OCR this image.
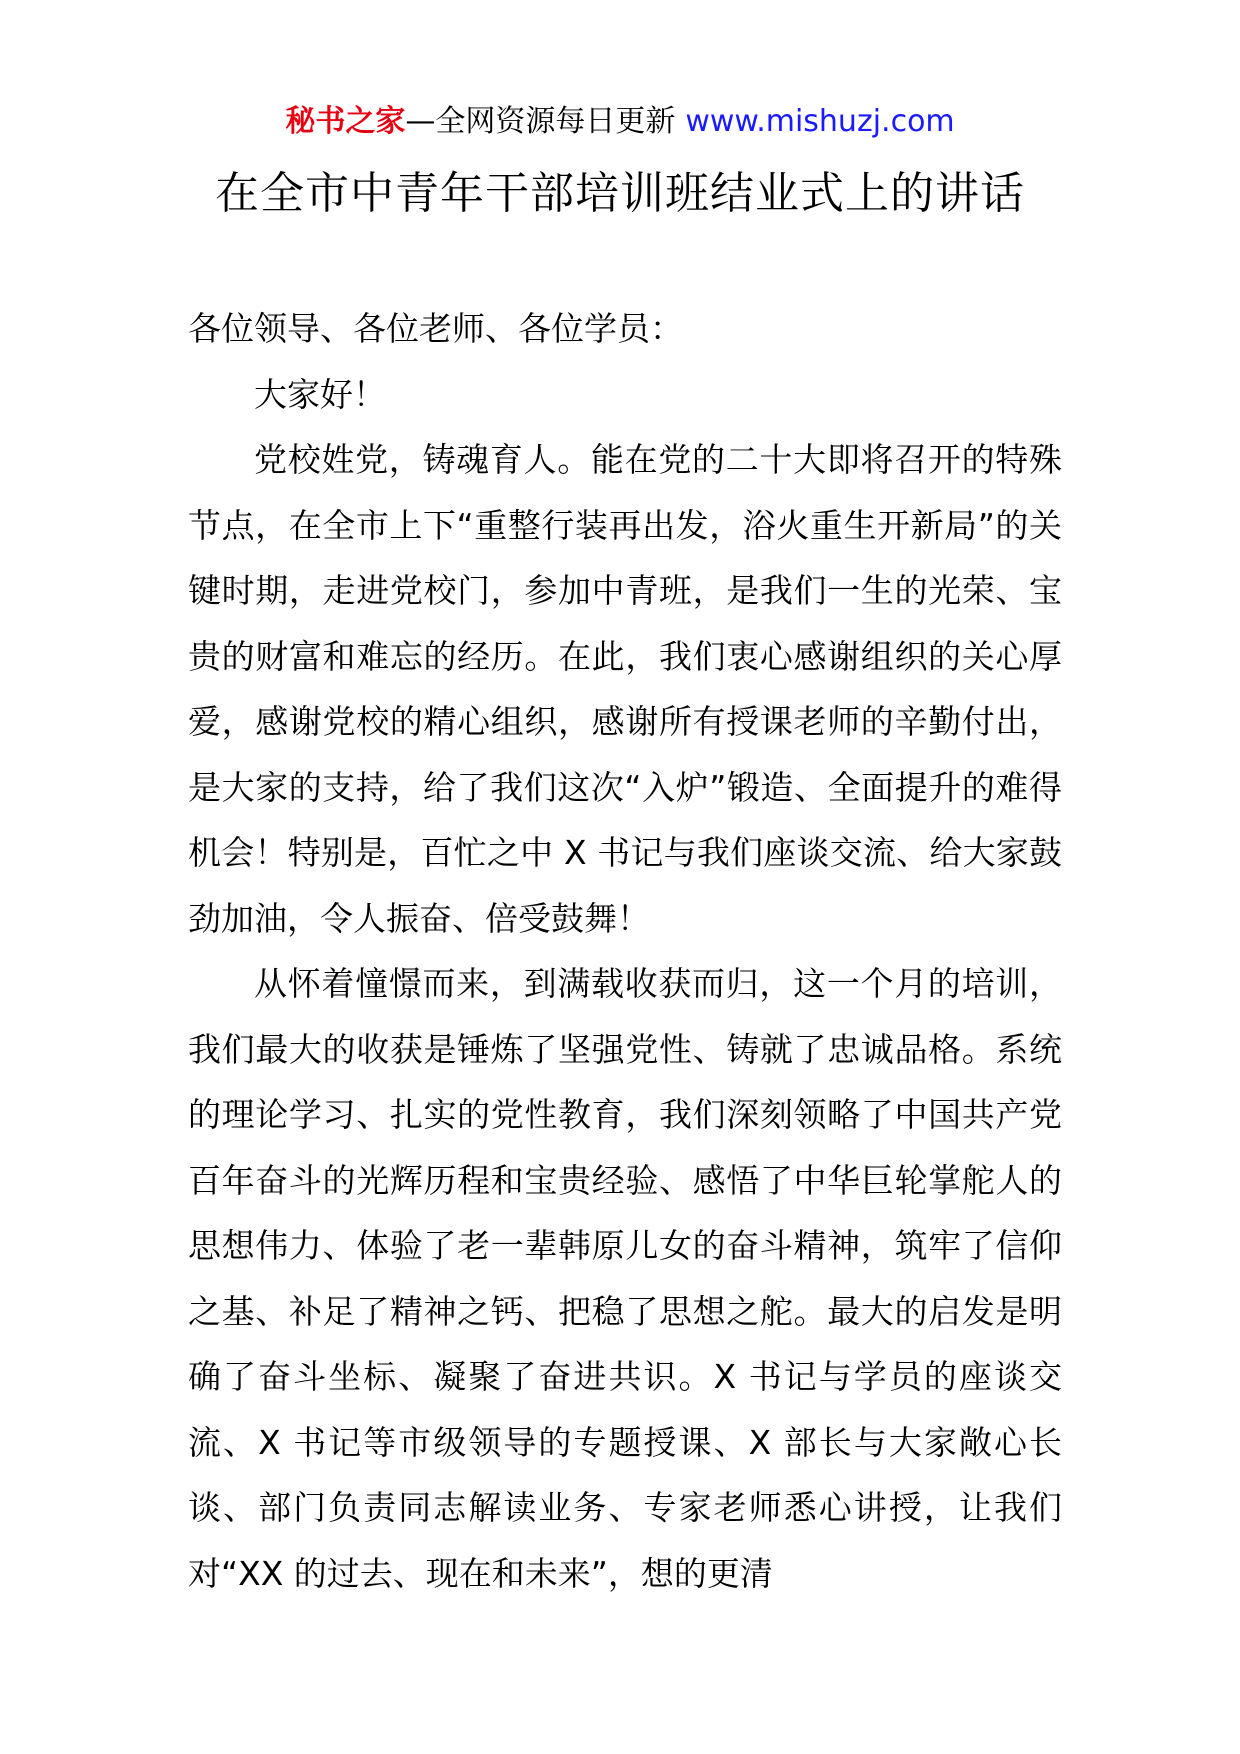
秘书之家—全网资源每日更新 www.mishuzj.com
在全市中青年干部培训班结业式上的讲话

各位领导、各位老师、各位学员：

大家好！

党校姓党，铸魂育人。能在党的二十大即将召开的特殊节点，在全市上下“重整行装再出发，浴火重生开新局”的关键时期，走进党校门，参加中青班，是我们一生的光荣、宝贵的财富和难忘的经历。在此，我们衷心感谢组织的关心厚爱，感谢党校的精心组织，感谢所有授课老师的辛勤付出，是大家的支持，给了我们这次“入炉”锻造、全面提升的难得机会！特别是，百忙之中 X 书记与我们座谈交流、给大家鼓劲加油，令人振奋、倍受鼓舞！

从怀着憧憬而来，到满载收获而归，这一个月的培训，我们最大的收获是锤炼了坚强党性、铸就了忠诚品格。系统的理论学习、扎实的党性教育，我们深刻领略了中国共产党百年奋斗的光辉历程和宝贵经验、感悟了中华巨轮掌舵人的思想伟力、体验了老一辈韩原儿女的奋斗精神，筑牢了信仰之基、补足了精神之钙、把稳了思想之舵。最大的启发是明确了奋斗坐标、凝聚了奋进共识。X 书记与学员的座谈交流、X 书记等市级领导的专题授课、X 部长与大家敞心长谈、部门负责同志解读业务、专家老师悉心讲授，让我们对“XX 的过去、现在和未来”，想的更清
